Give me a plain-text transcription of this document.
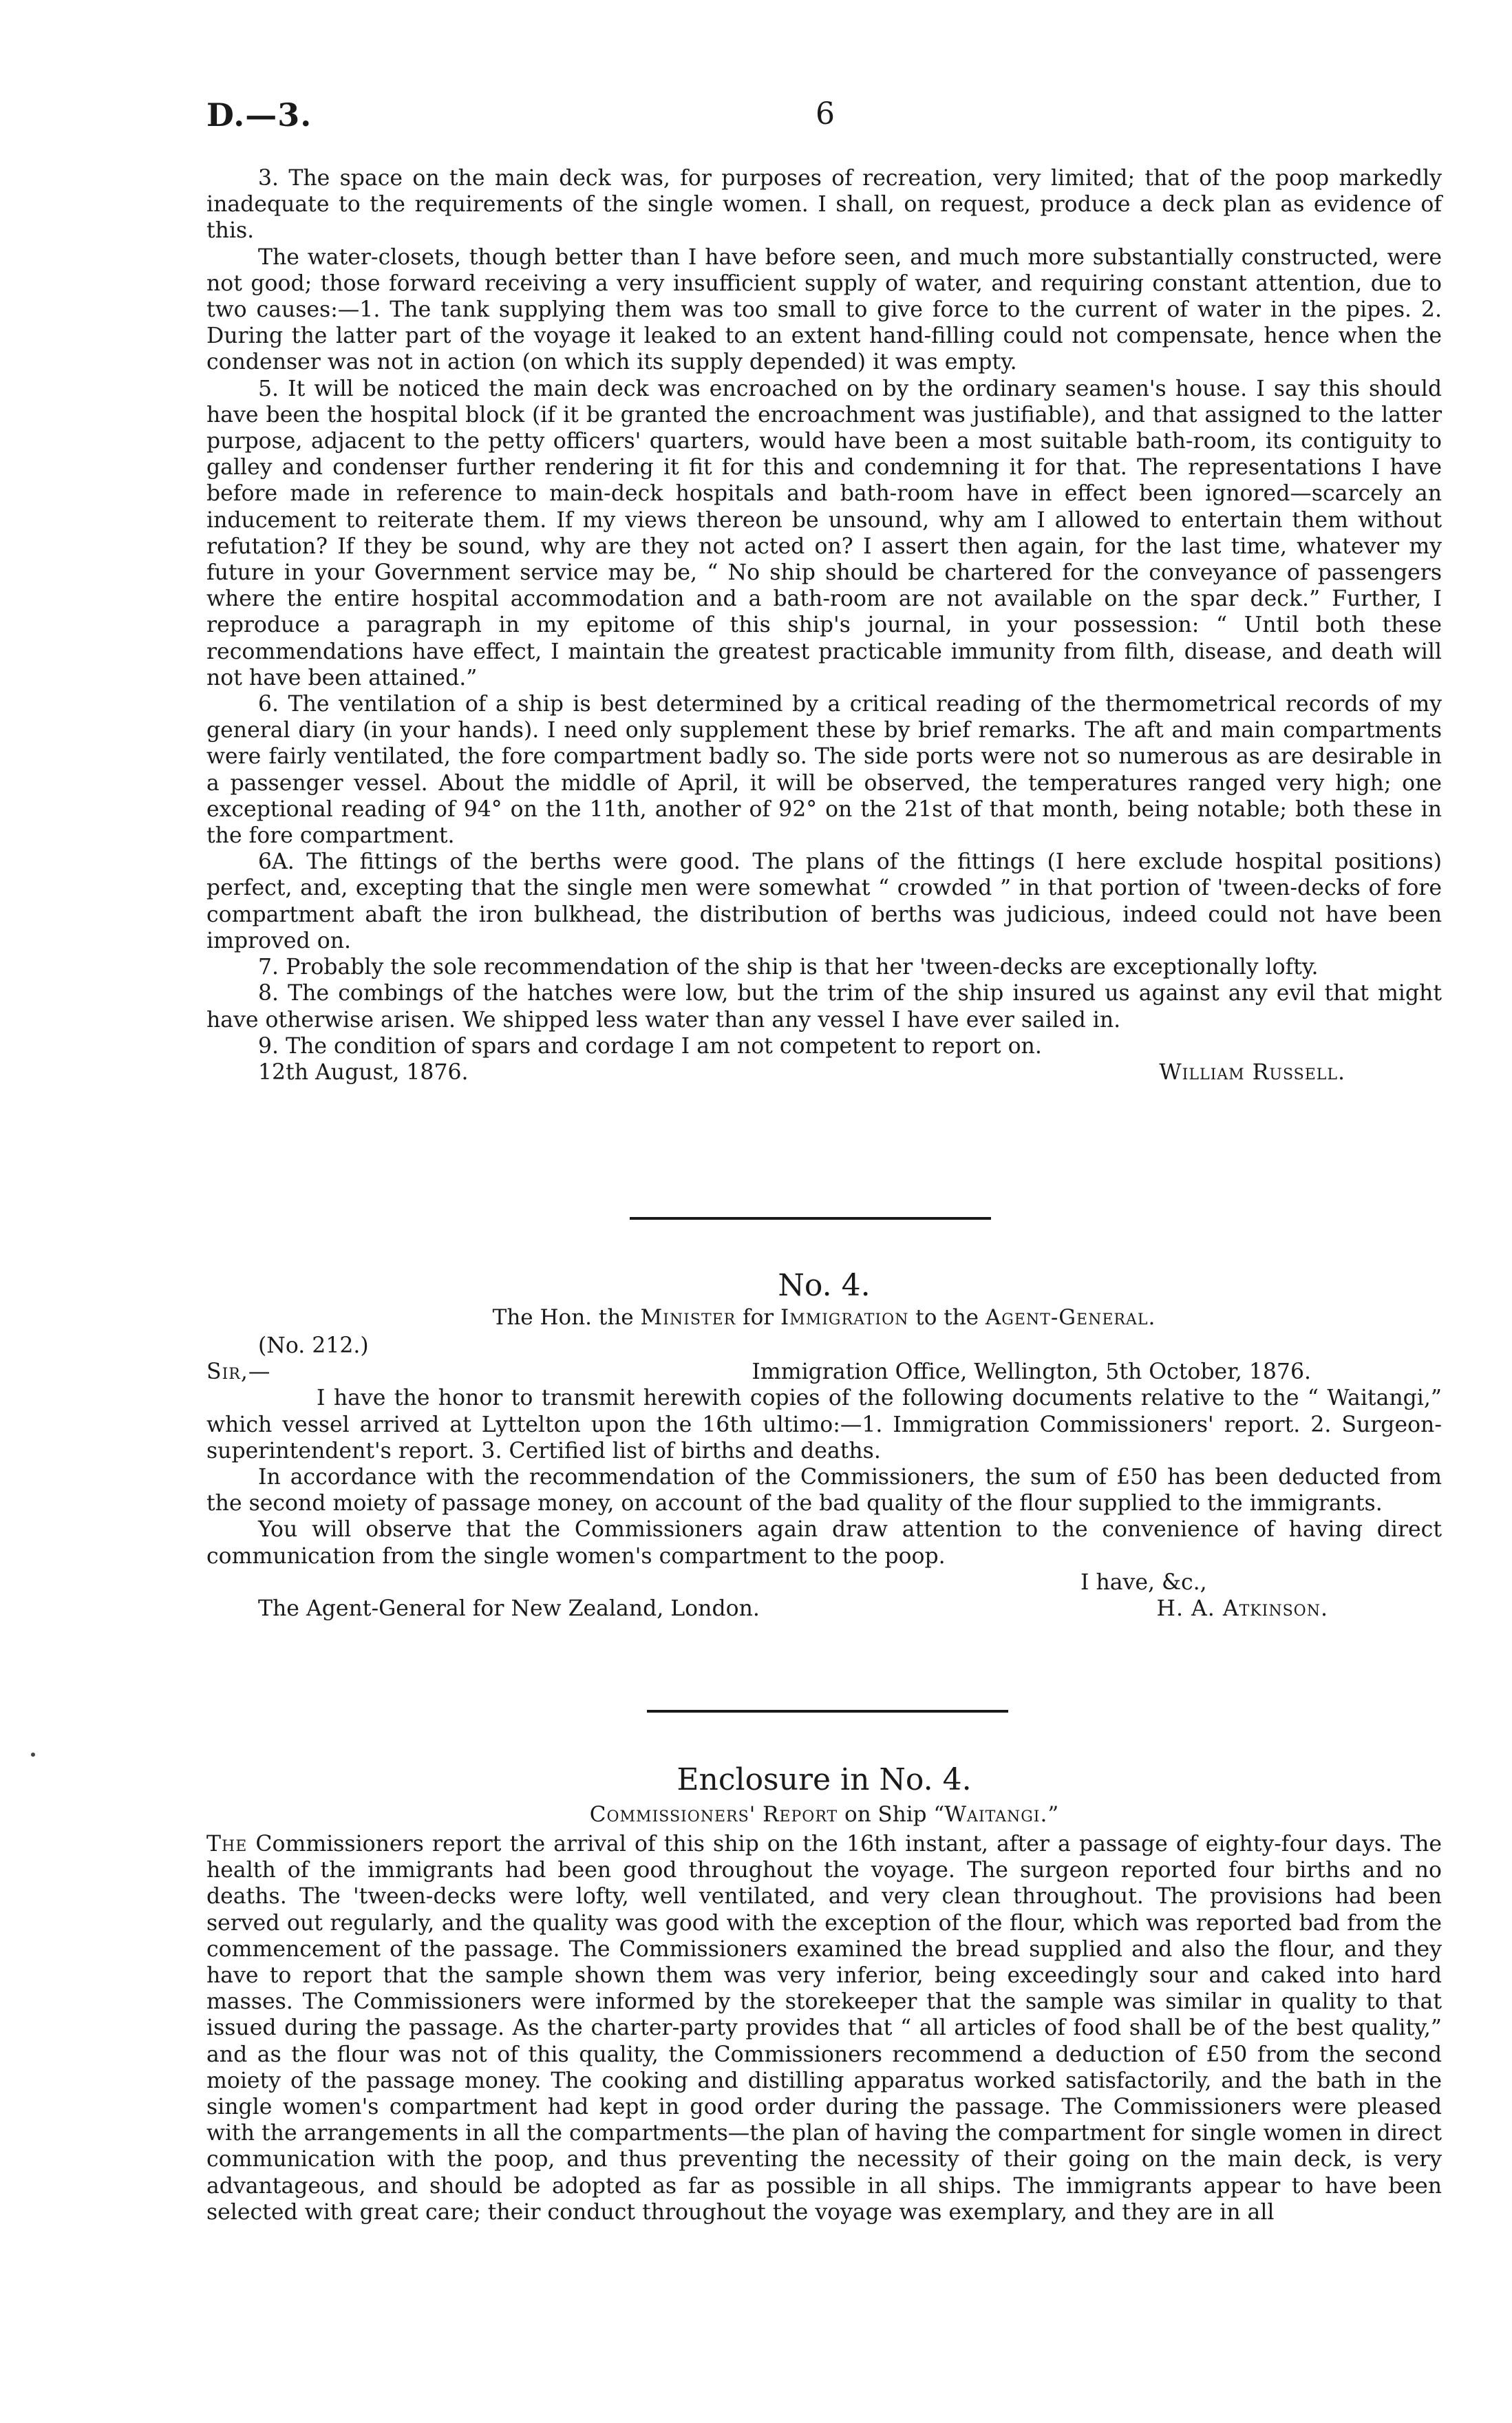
D.—3.	6

3. The space on the main deck was, for purposes of recreation, very limited; that of the poop markedly inadequate to the requirements of the single women. I shall, on request, produce a deck plan as evidence of this.

The water-closets, though better than I have before seen, and much more substantially constructed, were not good; those forward receiving a very insufficient supply of water, and requiring constant attention, due to two causes:—1. The tank supplying them was too small to give force to the current of water in the pipes. 2. During the latter part of the voyage it leaked to an extent hand-filling could not compensate, hence when the condenser was not in action (on which its supply depended) it was empty.

5. It will be noticed the main deck was encroached on by the ordinary seamen's house. I say this should have been the hospital block (if it be granted the encroachment was justifiable), and that assigned to the latter purpose, adjacent to the petty officers' quarters, would have been a most suitable bath-room, its contiguity to galley and condenser further rendering it fit for this and condemning it for that. The representations I have before made in reference to main-deck hospitals and bath-room have in effect been ignored—scarcely an inducement to reiterate them. If my views thereon be unsound, why am I allowed to entertain them without refutation? If they be sound, why are they not acted on? I assert then again, for the last time, whatever my future in your Government service may be, “ No ship should be chartered for the conveyance of passengers where the entire hospital accommodation and a bath-room are not available on the spar deck.” Further, I reproduce a paragraph in my epitome of this ship's journal, in your possession: “ Until both these recommendations have effect, I maintain the greatest practicable immunity from filth, disease, and death will not have been attained.”

6. The ventilation of a ship is best determined by a critical reading of the thermometrical records of my general diary (in your hands). I need only supplement these by brief remarks. The aft and main compartments were fairly ventilated, the fore compartment badly so. The side ports were not so numerous as are desirable in a passenger vessel. About the middle of April, it will be observed, the temperatures ranged very high; one exceptional reading of 94° on the 11th, another of 92° on the 21st of that month, being notable; both these in the fore compartment.

6A. The fittings of the berths were good. The plans of the fittings (I here exclude hospital positions) perfect, and, excepting that the single men were somewhat “ crowded ” in that portion of 'tween-decks of fore compartment abaft the iron bulkhead, the distribution of berths was judicious, indeed could not have been improved on.

7. Probably the sole recommendation of the ship is that her 'tween-decks are exceptionally lofty.

8. The combings of the hatches were low, but the trim of the ship insured us against any evil that might have otherwise arisen. We shipped less water than any vessel I have ever sailed in.

9. The condition of spars and cordage I am not competent to report on.

12th August, 1876.	William Russell.
No. 4.
The Hon. the Minister for Immigration to the Agent-General.
(No. 212.)
Sir,—	Immigration Office, Wellington, 5th October, 1876.

I have the honor to transmit herewith copies of the following documents relative to the “ Waitangi,” which vessel arrived at Lyttelton upon the 16th ultimo:—1. Immigration Commissioners' report. 2. Surgeon-superintendent's report. 3. Certified list of births and deaths.

In accordance with the recommendation of the Commissioners, the sum of £50 has been deducted from the second moiety of passage money, on account of the bad quality of the flour supplied to the immigrants.

You will observe that the Commissioners again draw attention to the convenience of having direct communication from the single women's compartment to the poop.

I have, &c.,
The Agent-General for New Zealand, London.	H. A. Atkinson.
Enclosure in No. 4.
Commissioners' Report on Ship “Waitangi.”

The Commissioners report the arrival of this ship on the 16th instant, after a passage of eighty-four days. The health of the immigrants had been good throughout the voyage. The surgeon reported four births and no deaths. The 'tween-decks were lofty, well ventilated, and very clean throughout. The provisions had been served out regularly, and the quality was good with the exception of the flour, which was reported bad from the commencement of the passage. The Commissioners examined the bread supplied and also the flour, and they have to report that the sample shown them was very inferior, being exceedingly sour and caked into hard masses. The Commissioners were informed by the storekeeper that the sample was similar in quality to that issued during the passage. As the charter-party provides that “ all articles of food shall be of the best quality,” and as the flour was not of this quality, the Commissioners recommend a deduction of £50 from the second moiety of the passage money. The cooking and distilling apparatus worked satisfactorily, and the bath in the single women's compartment had kept in good order during the passage. The Commissioners were pleased with the arrangements in all the compartments—the plan of having the compartment for single women in direct communication with the poop, and thus preventing the necessity of their going on the main deck, is very advantageous, and should be adopted as far as possible in all ships. The immigrants appear to have been selected with great care; their conduct throughout the voyage was exemplary, and they are in all
